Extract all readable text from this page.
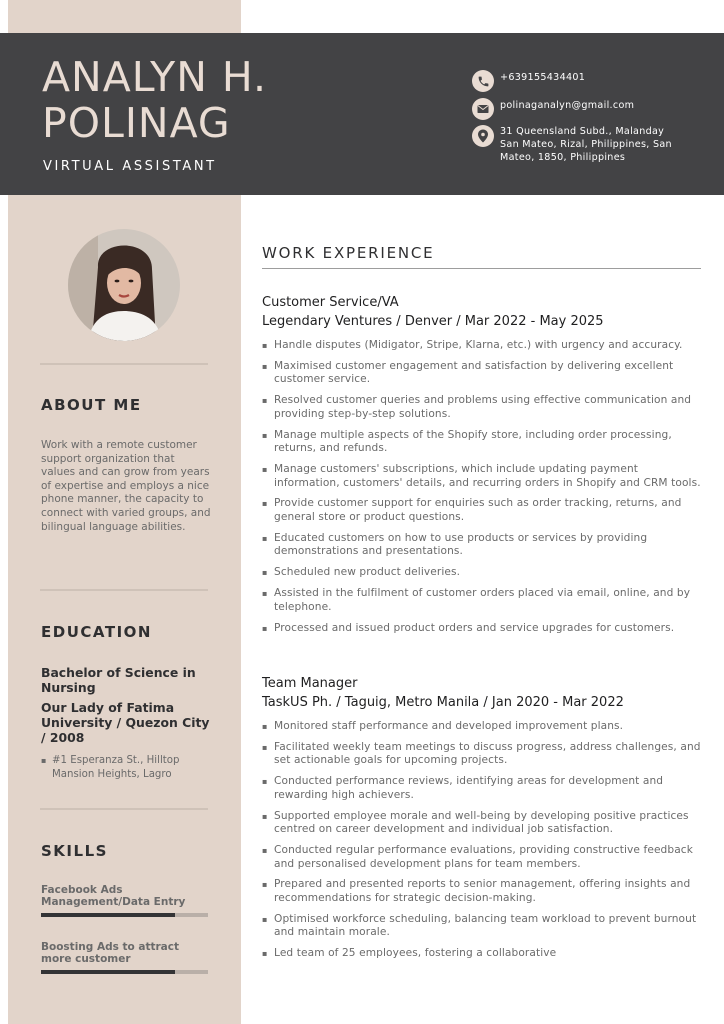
ANALYN H.
POLINAG
VIRTUAL ASSISTANT
+639155434401
polinaganalyn@gmail.com
31 Queensland Subd., Malanday San Mateo, Rizal, Philippines, San Mateo, 1850, Philippines
ABOUT ME
Work with a remote customer support organization that values and can grow from years of expertise and employs a nice phone manner, the capacity to connect with varied groups, and bilingual language abilities.
EDUCATION
Bachelor of Science in Nursing
Our Lady of Fatima University / Quezon City / 2008
▪ #1 Esperanza St., Hilltop Mansion Heights, Lagro
SKILLS
Facebook Ads Management/Data Entry
Boosting Ads to attract more customer
WORK EXPERIENCE
Customer Service/VA
Legendary Ventures / Denver / Mar 2022 - May 2025
▪ Handle disputes (Midigator, Stripe, Klarna, etc.) with urgency and accuracy.
▪ Maximised customer engagement and satisfaction by delivering excellent customer service.
▪ Resolved customer queries and problems using effective communication and providing step-by-step solutions.
▪ Manage multiple aspects of the Shopify store, including order processing, returns, and refunds.
▪ Manage customers' subscriptions, which include updating payment information, customers' details, and recurring orders in Shopify and CRM tools.
▪ Provide customer support for enquiries such as order tracking, returns, and general store or product questions.
▪ Educated customers on how to use products or services by providing demonstrations and presentations.
▪ Scheduled new product deliveries.
▪ Assisted in the fulfilment of customer orders placed via email, online, and by telephone.
▪ Processed and issued product orders and service upgrades for customers.
Team Manager
TaskUS Ph. / Taguig, Metro Manila / Jan 2020 - Mar 2022
▪ Monitored staff performance and developed improvement plans.
▪ Facilitated weekly team meetings to discuss progress, address challenges, and set actionable goals for upcoming projects.
▪ Conducted performance reviews, identifying areas for development and rewarding high achievers.
▪ Supported employee morale and well-being by developing positive practices centred on career development and individual job satisfaction.
▪ Conducted regular performance evaluations, providing constructive feedback and personalised development plans for team members.
▪ Prepared and presented reports to senior management, offering insights and recommendations for strategic decision-making.
▪ Optimised workforce scheduling, balancing team workload to prevent burnout and maintain morale.
▪ Led team of 25 employees, fostering a collaborative
